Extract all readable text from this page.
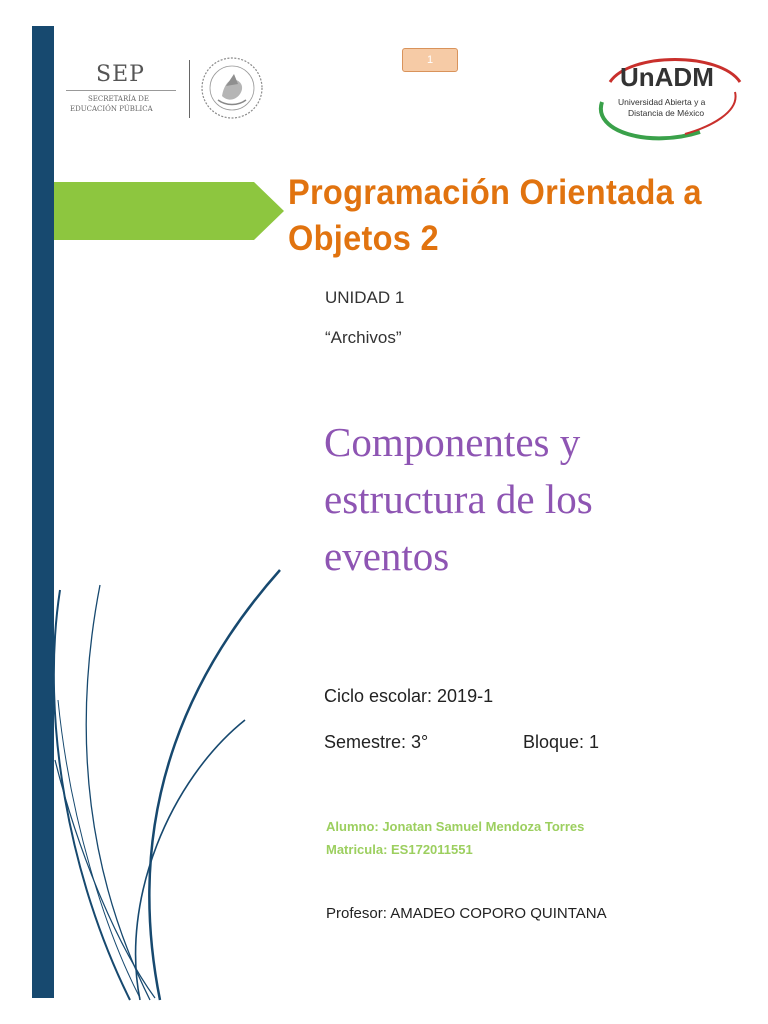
SEP
SECRETARÍA DE
EDUCACIÓN PÚBLICA
1
UnADM
Universidad Abierta y a
Distancia de México
Programación Orientada a
Objetos 2
UNIDAD 1
“Archivos”
Componentes y
estructura de los
eventos
Ciclo escolar: 2019-1
Semestre: 3°	Bloque: 1
Alumno: Jonatan Samuel Mendoza Torres
Matricula: ES172011551
Profesor: AMADEO COPORO QUINTANA
